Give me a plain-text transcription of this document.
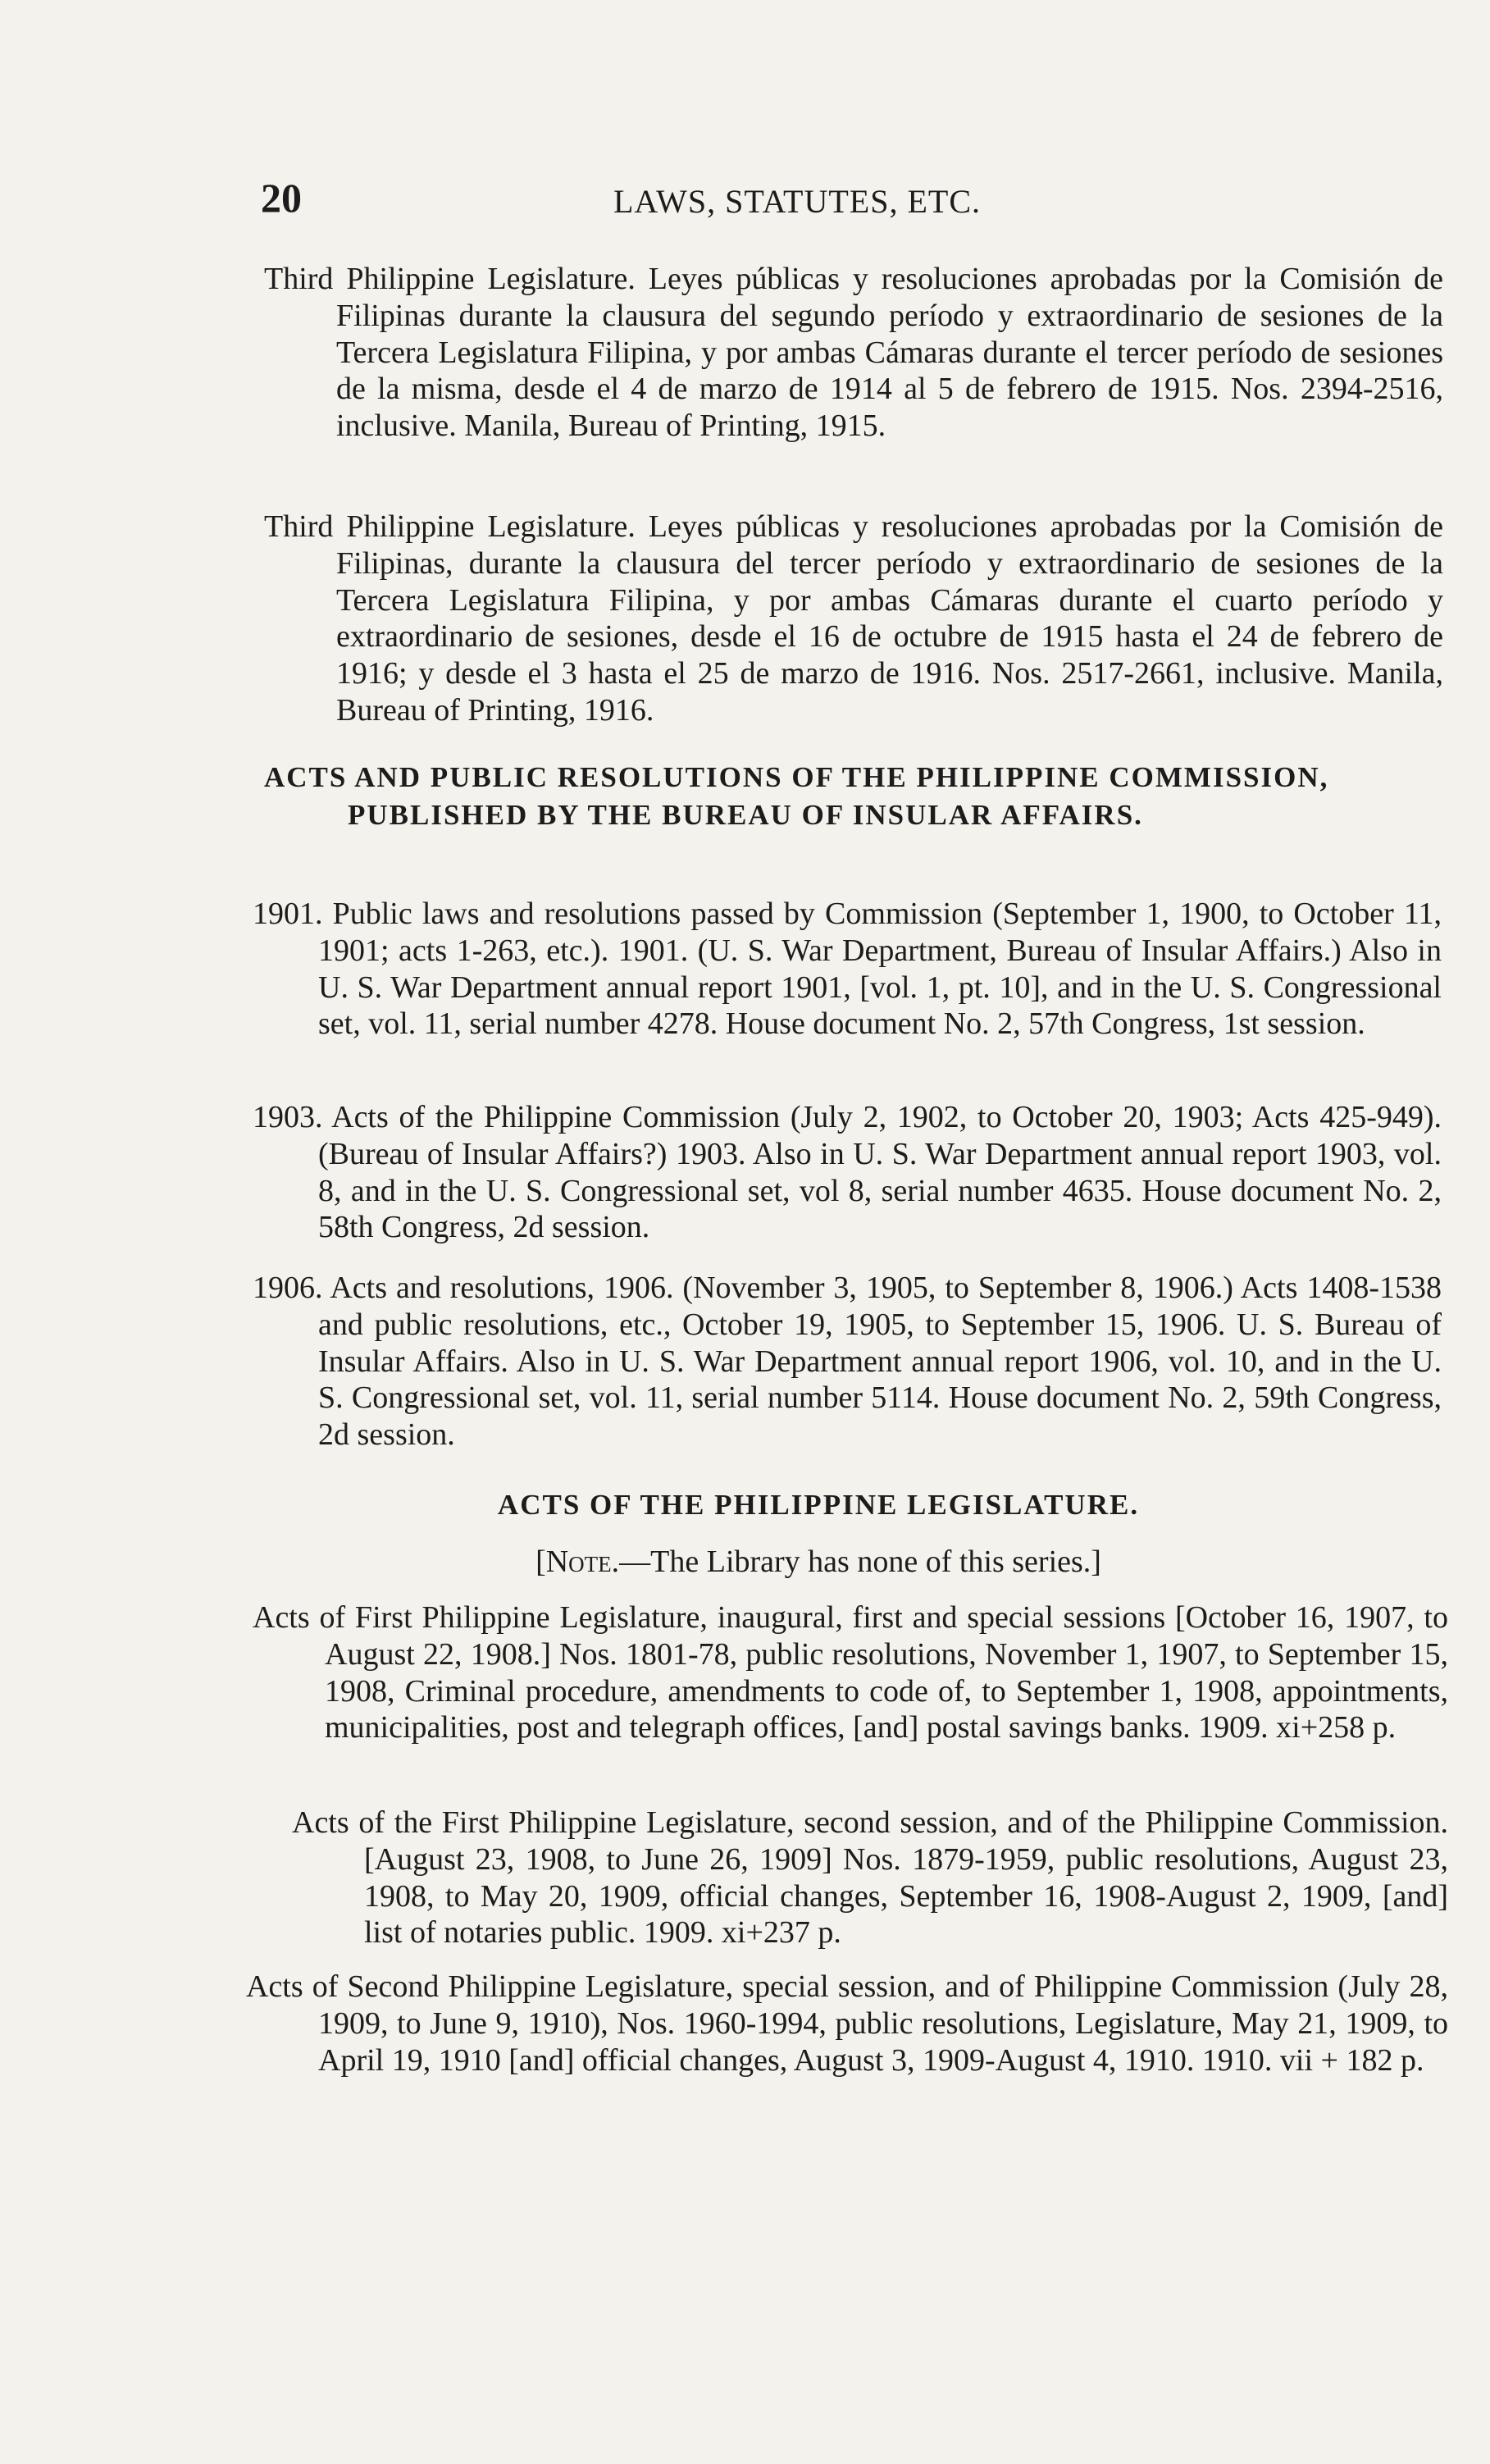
20	LAWS, STATUTES, ETC.

Third Philippine Legislature. Leyes públicas y resoluciones aprobadas por la Comisión de Filipinas durante la clausura del segundo período y extraordinario de sesiones de la Tercera Legislatura Filipina, y por ambas Cámaras durante el tercer período de sesiones de la misma, desde el 4 de marzo de 1914 al 5 de febrero de 1915. Nos. 2394-2516, inclusive. Manila, Bureau of Printing, 1915.

Third Philippine Legislature. Leyes públicas y resoluciones aprobadas por la Comisión de Filipinas, durante la clausura del tercer período y extraordinario de sesiones de la Tercera Legislatura Filipina, y por ambas Cámaras durante el cuarto período y extraordinario de sesiones, desde el 16 de octubre de 1915 hasta el 24 de febrero de 1916; y desde el 3 hasta el 25 de marzo de 1916. Nos. 2517-2661, inclusive. Manila, Bureau of Printing, 1916.

ACTS AND PUBLIC RESOLUTIONS OF THE PHILIPPINE COMMISSION, PUBLISHED BY THE BUREAU OF INSULAR AFFAIRS.

1901. Public laws and resolutions passed by Commission (September 1, 1900, to October 11, 1901; acts 1-263, etc.). 1901. (U. S. War Department, Bureau of Insular Affairs.) Also in U. S. War Department annual report 1901, [vol. 1, pt. 10], and in the U. S. Congressional set, vol. 11, serial number 4278. House document No. 2, 57th Congress, 1st session.

1903. Acts of the Philippine Commission (July 2, 1902, to October 20, 1903; Acts 425-949). (Bureau of Insular Affairs?) 1903. Also in U. S. War Department annual report 1903, vol. 8, and in the U. S. Congressional set, vol 8, serial number 4635. House document No. 2, 58th Congress, 2d session.

1906. Acts and resolutions, 1906. (November 3, 1905, to September 8, 1906.) Acts 1408-1538 and public resolutions, etc., October 19, 1905, to September 15, 1906. U. S. Bureau of Insular Affairs. Also in U. S. War Department annual report 1906, vol. 10, and in the U. S. Congressional set, vol. 11, serial number 5114. House document No. 2, 59th Congress, 2d session.

ACTS OF THE PHILIPPINE LEGISLATURE.
[Note.—The Library has none of this series.]

Acts of First Philippine Legislature, inaugural, first and special sessions [October 16, 1907, to August 22, 1908.] Nos. 1801-78, public resolutions, November 1, 1907, to September 15, 1908, Criminal procedure, amendments to code of, to September 1, 1908, appointments, municipalities, post and telegraph offices, [and] postal savings banks. 1909. xi+258 p.

Acts of the First Philippine Legislature, second session, and of the Philippine Commission. [August 23, 1908, to June 26, 1909] Nos. 1879-1959, public resolutions, August 23, 1908, to May 20, 1909, official changes, September 16, 1908-August 2, 1909, [and] list of notaries public. 1909. xi+237 p.

Acts of Second Philippine Legislature, special session, and of Philippine Commission (July 28, 1909, to June 9, 1910), Nos. 1960-1994, public resolutions, Legislature, May 21, 1909, to April 19, 1910 [and] official changes, August 3, 1909-August 4, 1910. 1910. vii + 182 p.
